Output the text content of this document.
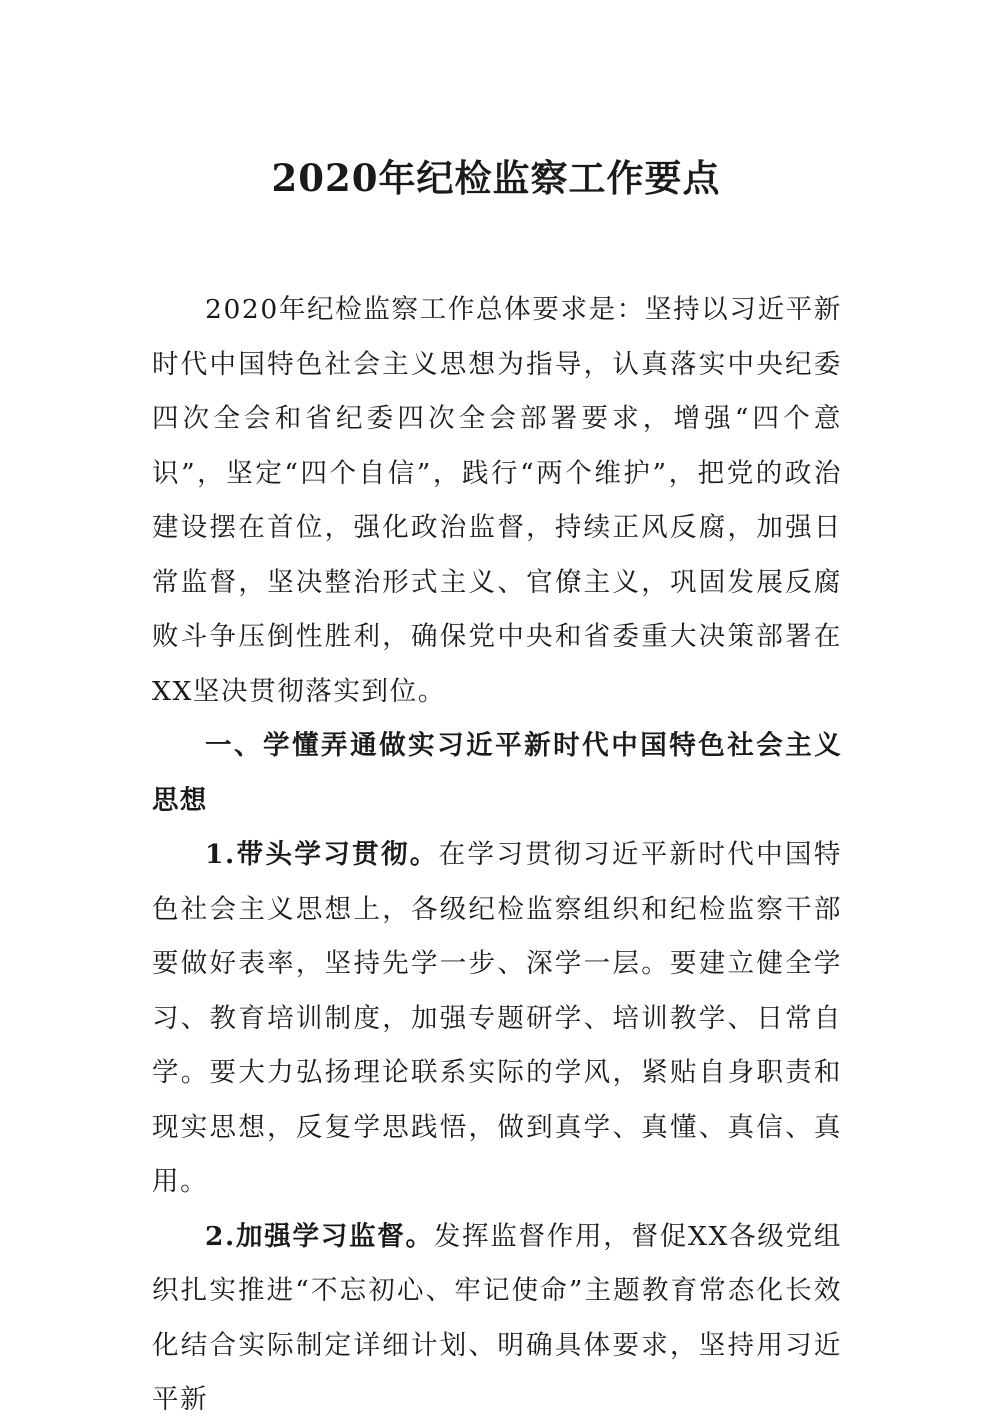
2020年纪检监察工作要点

2020年纪检监察工作总体要求是：坚持以习近平新时代中国特色社会主义思想为指导，认真落实中央纪委四次全会和省纪委四次全会部署要求，增强“四个意识”，坚定“四个自信”，践行“两个维护”，把党的政治建设摆在首位，强化政治监督，持续正风反腐，加强日常监督，坚决整治形式主义、官僚主义，巩固发展反腐败斗争压倒性胜利，确保党中央和省委重大决策部署在XX坚决贯彻落实到位。

一、学懂弄通做实习近平新时代中国特色社会主义思想

1.带头学习贯彻。在学习贯彻习近平新时代中国特色社会主义思想上，各级纪检监察组织和纪检监察干部要做好表率，坚持先学一步、深学一层。要建立健全学习、教育培训制度，加强专题研学、培训教学、日常自学。要大力弘扬理论联系实际的学风，紧贴自身职责和现实思想，反复学思践悟，做到真学、真懂、真信、真用。

2.加强学习监督。发挥监督作用，督促XX各级党组织扎实推进“不忘初心、牢记使命”主题教育常态化长效化结合实际制定详细计划、明确具体要求，坚持用习近平新
